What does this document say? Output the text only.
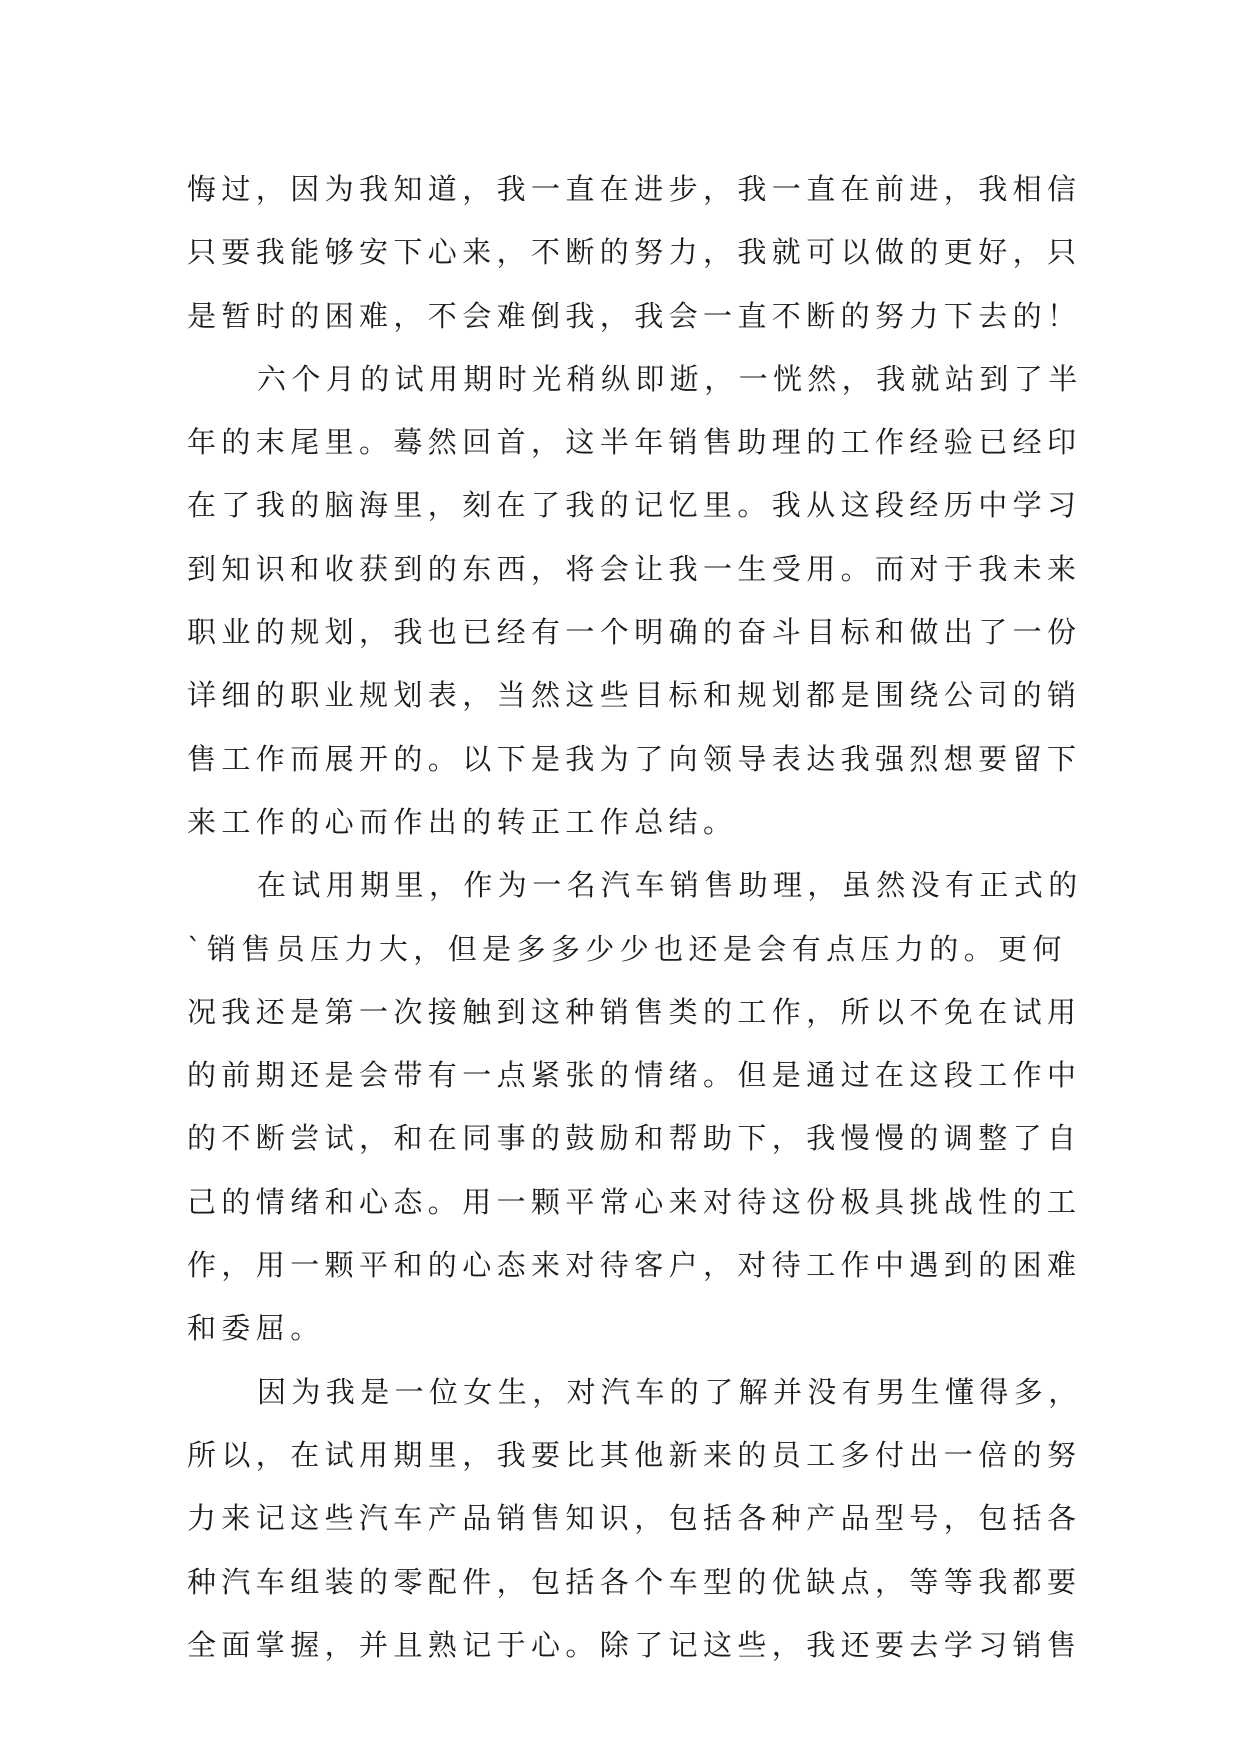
悔过，因为我知道，我一直在进步，我一直在前进，我相信
只要我能够安下心来，不断的努力，我就可以做的更好，只
是暂时的困难，不会难倒我，我会一直不断的努力下去的！
六个月的试用期时光稍纵即逝，一恍然，我就站到了半
年的末尾里。蓦然回首，这半年销售助理的工作经验已经印
在了我的脑海里，刻在了我的记忆里。我从这段经历中学习
到知识和收获到的东西，将会让我一生受用。而对于我未来
职业的规划，我也已经有一个明确的奋斗目标和做出了一份
详细的职业规划表，当然这些目标和规划都是围绕公司的销
售工作而展开的。以下是我为了向领导表达我强烈想要留下
来工作的心而作出的转正工作总结。
在试用期里，作为一名汽车销售助理，虽然没有正式的
`销售员压力大，但是多多少少也还是会有点压力的。更何
况我还是第一次接触到这种销售类的工作，所以不免在试用
的前期还是会带有一点紧张的情绪。但是通过在这段工作中
的不断尝试，和在同事的鼓励和帮助下，我慢慢的调整了自
己的情绪和心态。用一颗平常心来对待这份极具挑战性的工
作，用一颗平和的心态来对待客户，对待工作中遇到的困难
和委屈。
因为我是一位女生，对汽车的了解并没有男生懂得多，
所以，在试用期里，我要比其他新来的员工多付出一倍的努
力来记这些汽车产品销售知识，包括各种产品型号，包括各
种汽车组装的零配件，包括各个车型的优缺点，等等我都要
全面掌握，并且熟记于心。除了记这些，我还要去学习销售
